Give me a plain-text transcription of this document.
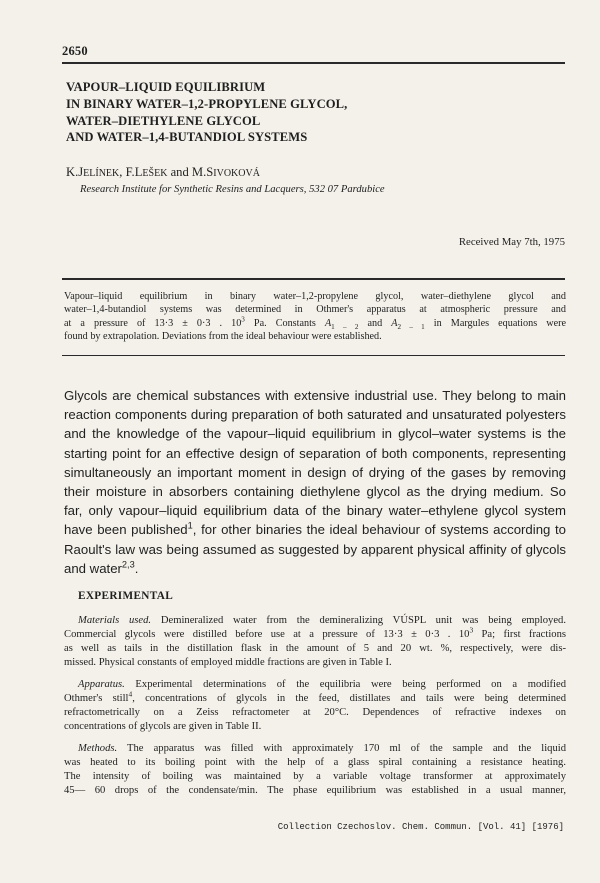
2650
VAPOUR–LIQUID EQUILIBRIUM
IN BINARY WATER–1,2-PROPYLENE GLYCOL,
WATER–DIETHYLENE GLYCOL
AND WATER–1,4-BUTANDIOL SYSTEMS
K.JELÍNEK, F.LEŠEK and M.SIVOKOVÁ
Research Institute for Synthetic Resins and Lacquers, 532 07 Pardubice
Received May 7th, 1975
Vapour–liquid equilibrium in binary water–1,2-propylene glycol, water–diethylene glycol and
water–1,4-butandiol systems was determined in Othmer's apparatus at atmospheric pressure and
at a pressure of 13·3 ± 0·3 . $10^3$ Pa. Constants $A_{1 - 2}$ and $A_{2 - 1}$ in Margules equations were
found by extrapolation. Deviations from the ideal behaviour were established.
Glycols are chemical substances with extensive industrial use. They belong to main
reaction components during preparation of both saturated and unsaturated polyesters
and the knowledge of the vapour–liquid equilibrium in glycol–water systems is the
starting point for an effective design of separation of both components, representing
simultaneously an important moment in design of drying of the gases by removing
their moisture in absorbers containing diethylene glycol as the drying medium. So
far, only vapour–liquid equilibrium data of the binary water–ethylene glycol system
have been published$^1$, for other binaries the ideal behaviour of systems according to
Raoult's law was being assumed as suggested by apparent physical affinity of glycols
and water$^{2,3}$.
EXPERIMENTAL
Materials used. Demineralized water from the demineralizing VÚSPL unit was being employed.
Commercial glycols were distilled before use at a pressure of 13·3 ± 0·3 . $10^3$ Pa; first fractions
as well as tails in the distillation flask in the amount of 5 and 20 wt. %, respectively, were dis-
missed. Physical constants of employed middle fractions are given in Table I.
Apparatus. Experimental determinations of the equilibria were being performed on a modified
Othmer's still$^4$, concentrations of glycols in the feed, distillates and tails were being determined
refractometrically on a Zeiss refractometer at 20°C. Dependences of refractive indexes on
concentrations of glycols are given in Table II.
Methods. The apparatus was filled with approximately 170 ml of the sample and the liquid
was heated to its boiling point with the help of a glass spiral containing a resistance heating.
The intensity of boiling was maintained by a variable voltage transformer at approximately
45— 60 drops of the condensate/min. The phase equilibrium was established in a usual manner,
Collection Czechoslov. Chem. Commun. [Vol. 41] [1976]
